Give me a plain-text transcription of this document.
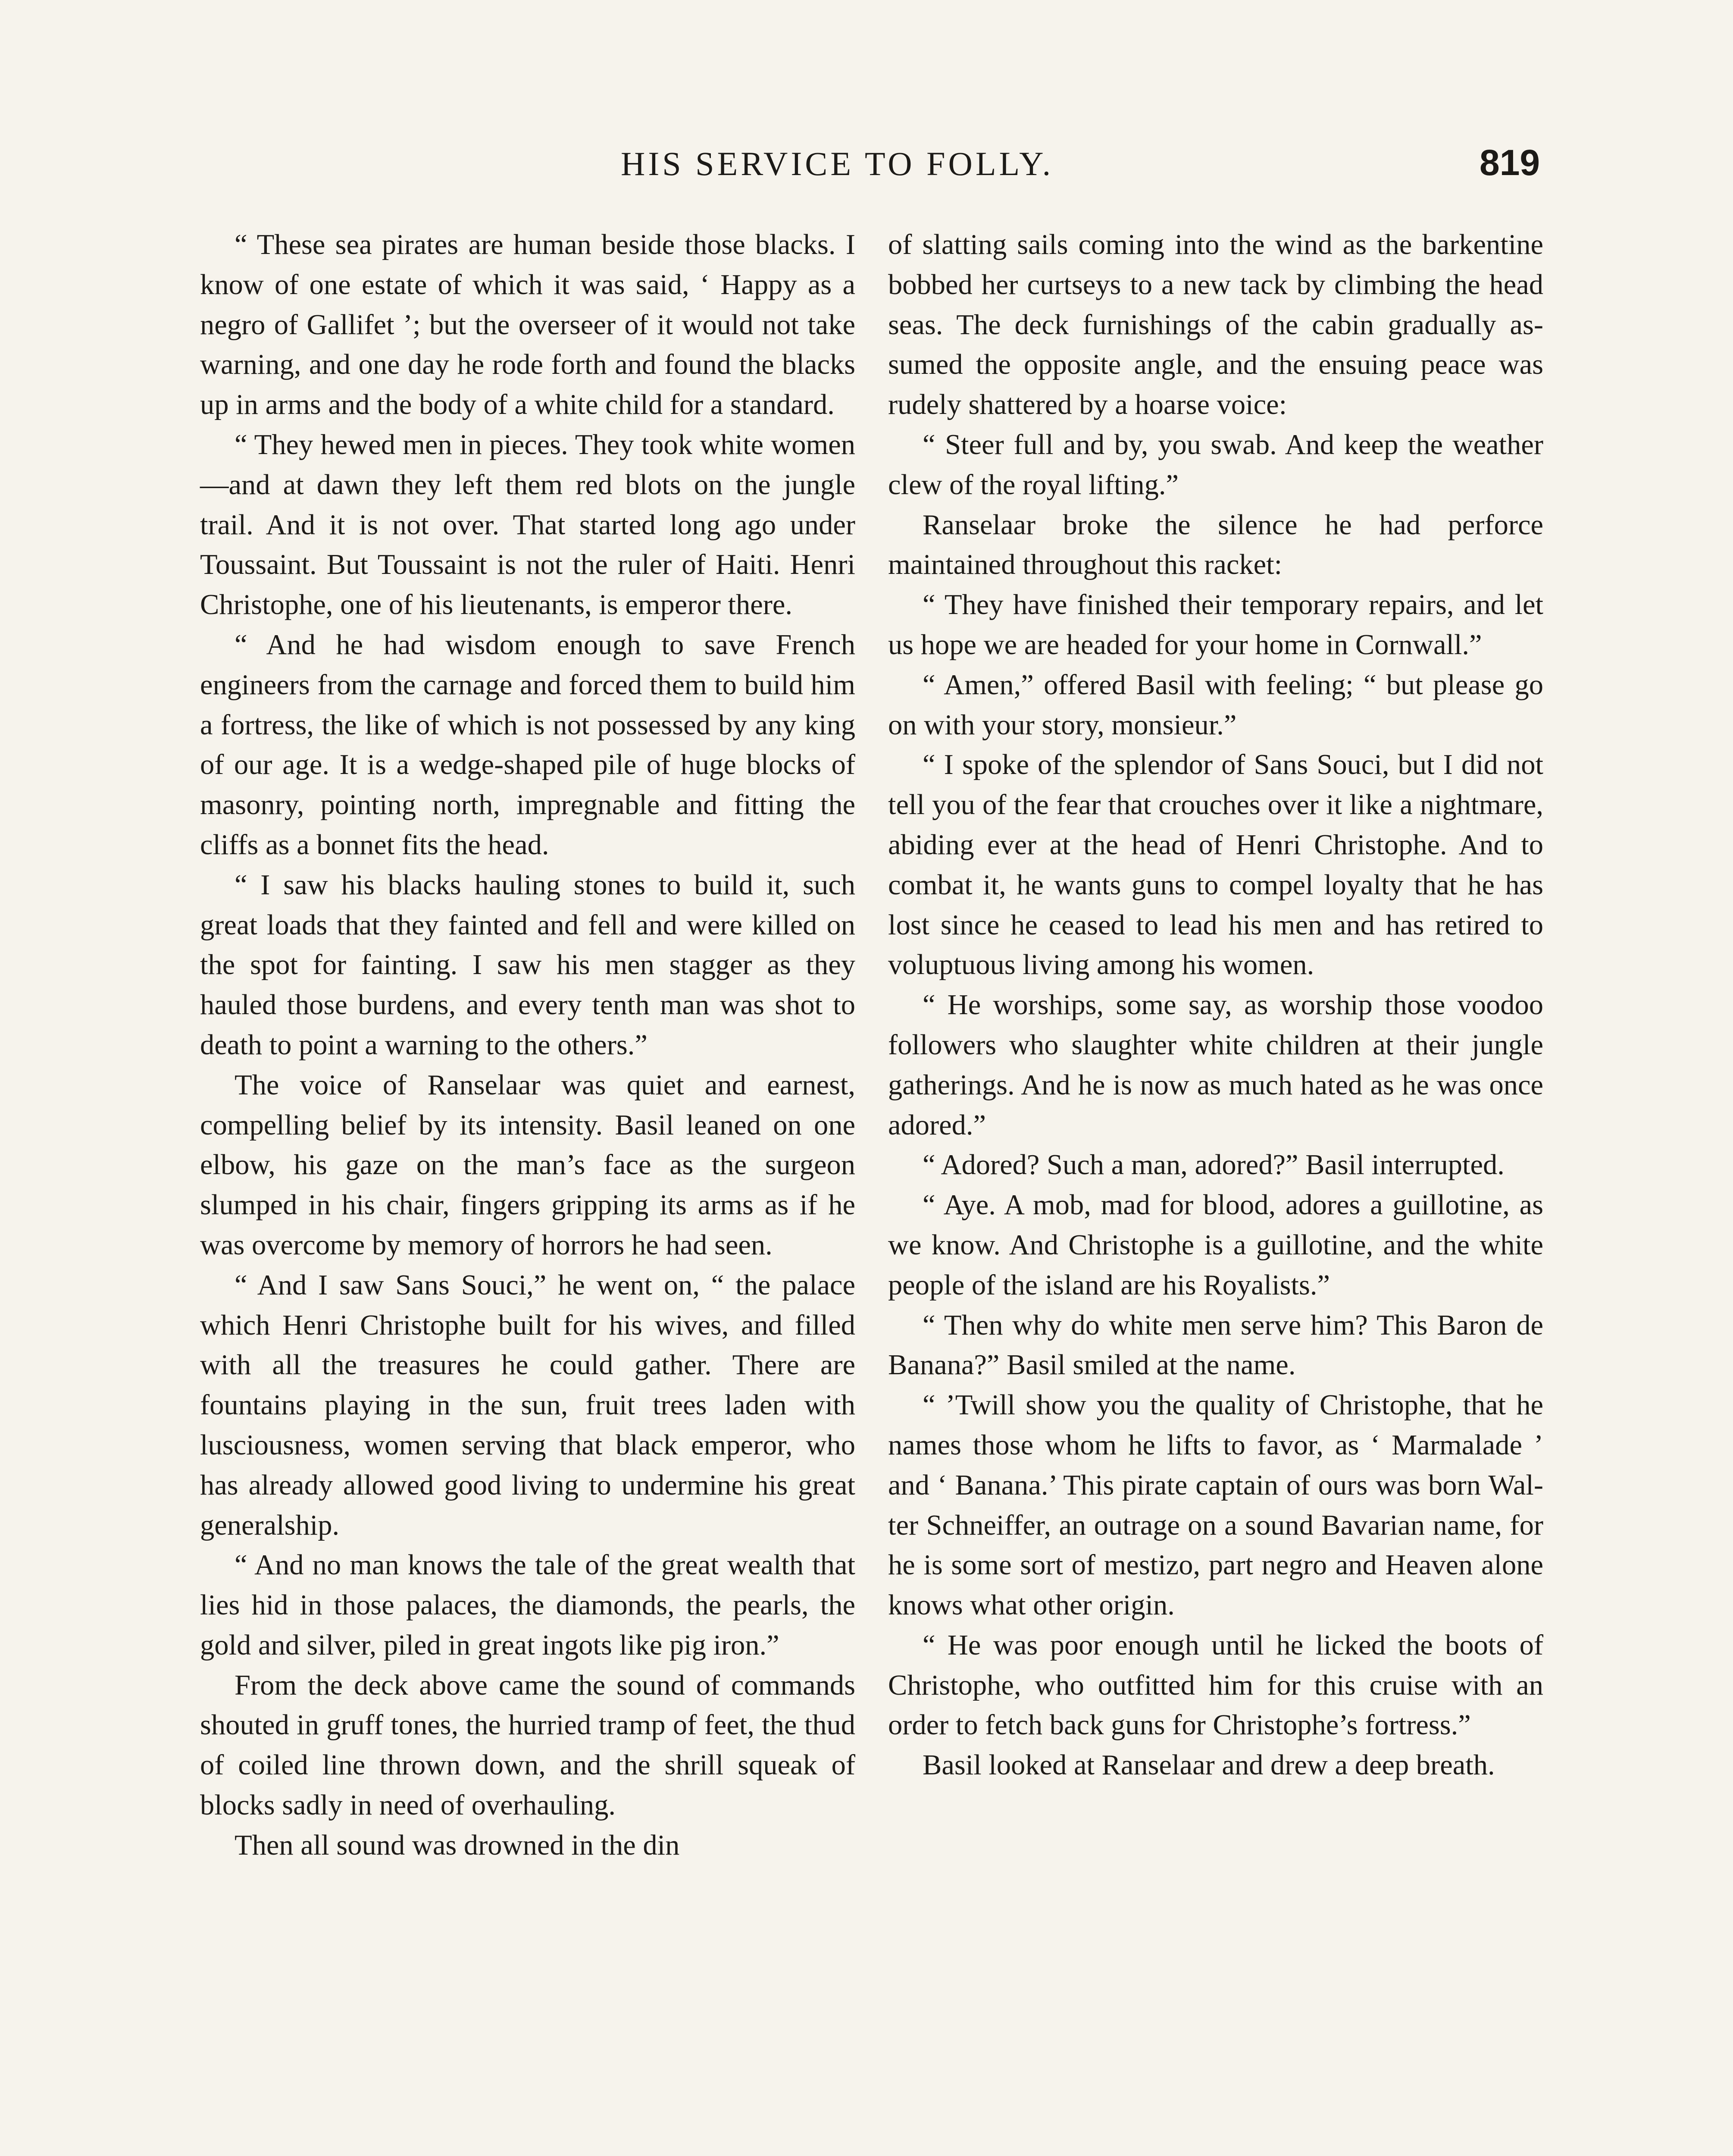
HIS SERVICE TO FOLLY.	819

“ These sea pirates are human beside those blacks. I know of one estate of which it was said, ‘ Happy as a negro of Gallifet ’; but the overseer of it would not take warning, and one day he rode forth and found the blacks up in arms and the body of a white child for a standard.

“ They hewed men in pieces. They took white women—and at dawn they left them red blots on the jungle trail. And it is not over. That started long ago under Toussaint. But Toussaint is not the ruler of Haiti. Henri Christophe, one of his lieutenants, is emperor there.

“ And he had wisdom enough to save French engineers from the carnage and forced them to build him a fortress, the like of which is not possessed by any king of our age. It is a wedge-shaped pile of huge blocks of masonry, pointing north, impregnable and fitting the cliffs as a bonnet fits the head.

“ I saw his blacks hauling stones to build it, such great loads that they fainted and fell and were killed on the spot for fainting. I saw his men stagger as they hauled those burdens, and every tenth man was shot to death to point a warning to the others.”

The voice of Ranselaar was quiet and earnest, compelling belief by its intensity. Basil leaned on one elbow, his gaze on the man’s face as the surgeon slumped in his chair, fingers gripping its arms as if he was overcome by memory of horrors he had seen.

“ And I saw Sans Souci,” he went on, “ the palace which Henri Christophe built for his wives, and filled with all the treasures he could gather. There are fountains playing in the sun, fruit trees laden with lusciousness, women serving that black emperor, who has already allowed good living to undermine his great generalship.

“ And no man knows the tale of the great wealth that lies hid in those palaces, the diamonds, the pearls, the gold and silver, piled in great ingots like pig iron.”

From the deck above came the sound of commands shouted in gruff tones, the hurried tramp of feet, the thud of coiled line thrown down, and the shrill squeak of blocks sadly in need of overhauling.

Then all sound was drowned in the din

of slatting sails coming into the wind as the barkentine bobbed her curtseys to a new tack by climbing the head seas. The deck furnishings of the cabin gradually assumed the opposite angle, and the ensuing peace was rudely shattered by a hoarse voice:

“ Steer full and by, you swab. And keep the weather clew of the royal lifting.”

Ranselaar broke the silence he had perforce maintained throughout this racket:

“ They have finished their temporary repairs, and let us hope we are headed for your home in Cornwall.”

“ Amen,” offered Basil with feeling; “ but please go on with your story, monsieur.”

“ I spoke of the splendor of Sans Souci, but I did not tell you of the fear that crouches over it like a nightmare, abiding ever at the head of Henri Christophe. And to combat it, he wants guns to compel loyalty that he has lost since he ceased to lead his men and has retired to voluptuous living among his women.

“ He worships, some say, as worship those voodoo followers who slaughter white children at their jungle gatherings. And he is now as much hated as he was once adored.”

“ Adored? Such a man, adored?” Basil interrupted.

“ Aye. A mob, mad for blood, adores a guillotine, as we know. And Christophe is a guillotine, and the white people of the island are his Royalists.”

“ Then why do white men serve him? This Baron de Banana?” Basil smiled at the name.

“ ’Twill show you the quality of Christophe, that he names those whom he lifts to favor, as ‘ Marmalade ’ and ‘ Banana.’ This pirate captain of ours was born Walter Schneiffer, an outrage on a sound Bavarian name, for he is some sort of mestizo, part negro and Heaven alone knows what other origin.

“ He was poor enough until he licked the boots of Christophe, who outfitted him for this cruise with an order to fetch back guns for Christophe’s fortress.”

Basil looked at Ranselaar and drew a deep breath.
